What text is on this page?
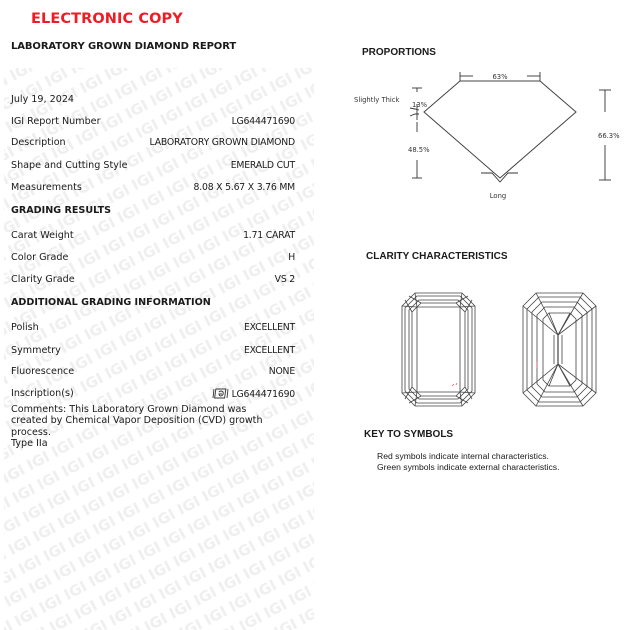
ELECTRONIC COPY
LABORATORY GROWN DIAMOND REPORT
July 19, 2024
IGI Report Number	LG644471690
Description	LABORATORY GROWN DIAMOND
Shape and Cutting Style	EMERALD CUT
Measurements	8.08 X 5.67 X 3.76 MM
GRADING RESULTS
Carat Weight	1.71 CARAT
Color Grade	H
Clarity Grade	VS 2
ADDITIONAL GRADING INFORMATION
Polish	EXCELLENT
Symmetry	EXCELLENT
Fluorescence	NONE
Inscription(s)	LG644471690
Comments: This Laboratory Grown Diamond was
created by Chemical Vapor Deposition (CVD) growth
process.
Type IIa
PROPORTIONS
63%
Slightly Thick
13%
48.5%
66.3%
Long
CLARITY CHARACTERISTICS
KEY TO SYMBOLS
Red symbols indicate internal characteristics.
Green symbols indicate external characteristics.
